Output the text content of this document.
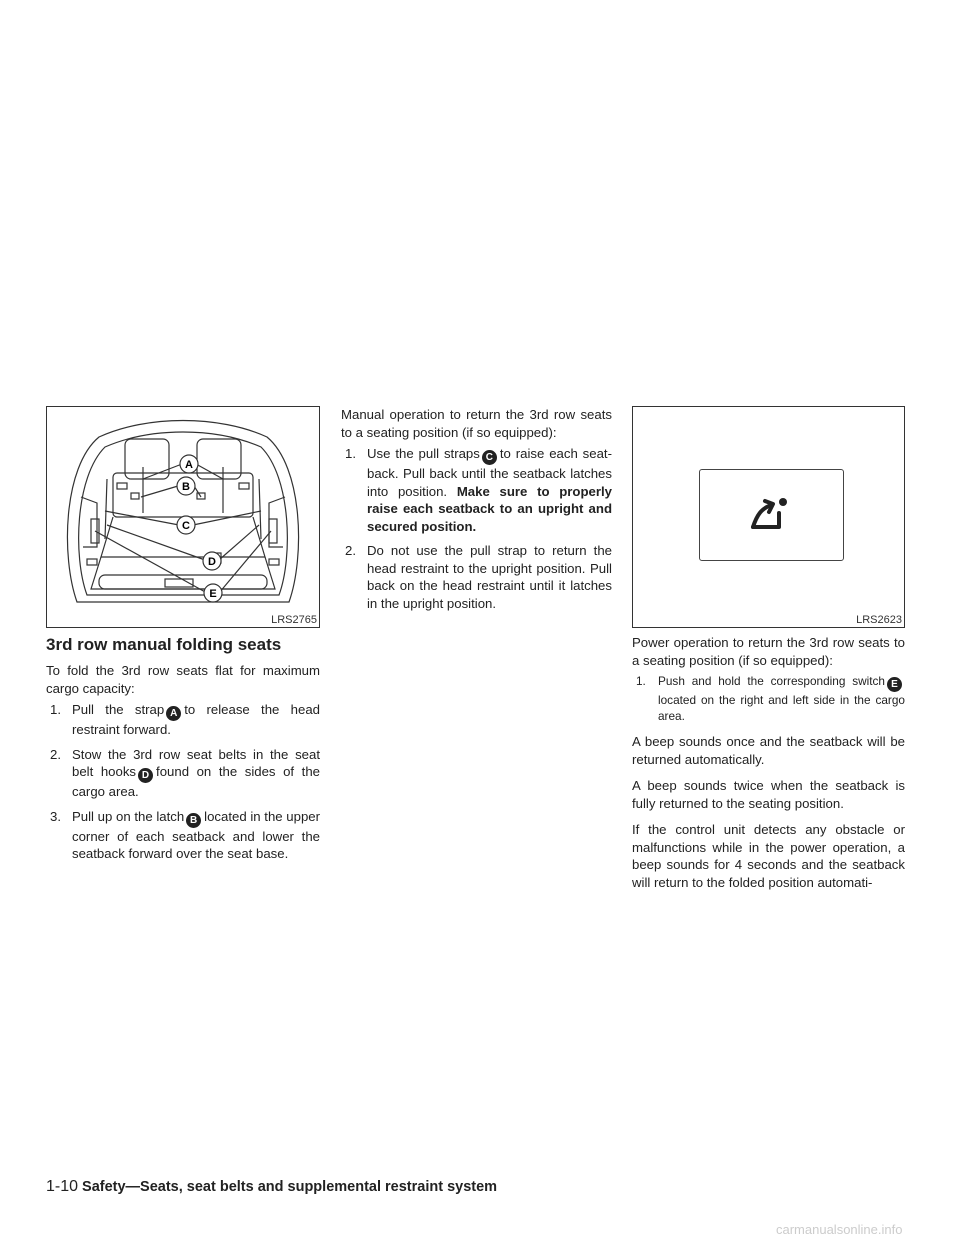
A
B
C
D
E
LRS2765
3rd row manual folding seats

To fold the 3rd row seats flat for maximum cargo capacity:

1. Pull the strap A to release the head restraint forward.
2. Stow the 3rd row seat belts in the seat belt hooks D found on the sides of the cargo area.
3. Pull up on the latch B located in the upper corner of each seatback and lower the seatback forward over the seat base.

Manual operation to return the 3rd row seats to a seating position (if so equipped):

1. Use the pull straps C to raise each seat-back. Pull back until the seatback latches into position. Make sure to properly raise each seatback to an upright and secured position.
2. Do not use the pull strap to return the head restraint to the upright position. Pull back on the head restraint until it latches in the upright position.
LRS2623

Power operation to return the 3rd row seats to a seating position (if so equipped):

1. Push and hold the corresponding switch Elocated on the right and left side in the cargo area.

A beep sounds once and the seatback will be returned automatically.

A beep sounds twice when the seatback is fully returned to the seating position.

If the control unit detects any obstacle or malfunctions while in the power operation, a beep sounds for 4 seconds and the seatback will return to the folded position automati-

1-10 Safety—Seats, seat belts and supplemental restraint system
carmanualsonline.info
